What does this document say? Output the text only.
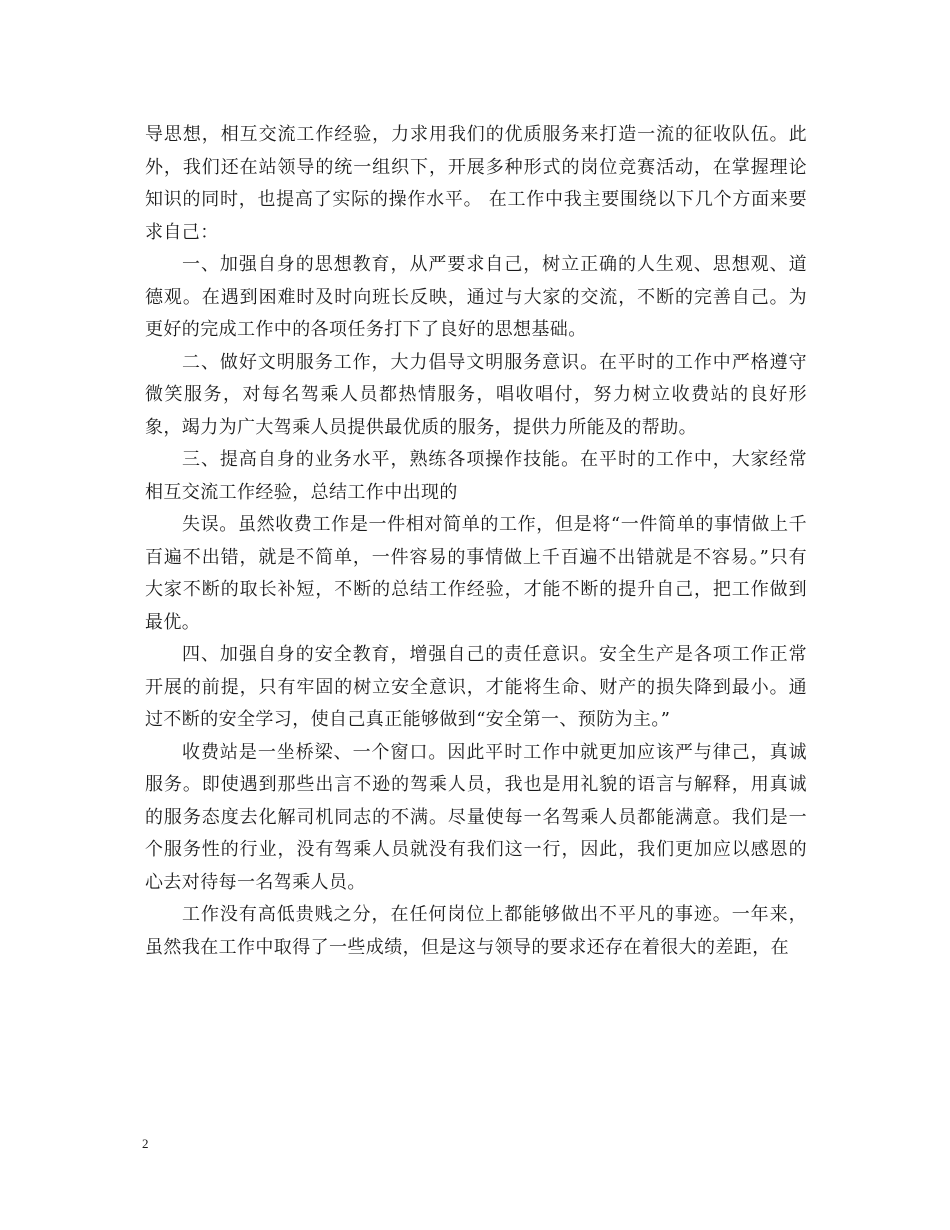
导思想，相互交流工作经验，力求用我们的优质服务来打造一流的征收队伍。此外，我们还在站领导的统一组织下，开展多种形式的岗位竞赛活动，在掌握理论知识的同时，也提高了实际的操作水平。 在工作中我主要围绕以下几个方面来要求自己：

一、加强自身的思想教育，从严要求自己，树立正确的人生观、思想观、道德观。在遇到困难时及时向班长反映，通过与大家的交流，不断的完善自己。为更好的完成工作中的各项任务打下了良好的思想基础。

二、做好文明服务工作，大力倡导文明服务意识。在平时的工作中严格遵守微笑服务，对每名驾乘人员都热情服务，唱收唱付，努力树立收费站的良好形象，竭力为广大驾乘人员提供最优质的服务，提供力所能及的帮助。

三、提高自身的业务水平，熟练各项操作技能。在平时的工作中，大家经常相互交流工作经验，总结工作中出现的

失误。虽然收费工作是一件相对简单的工作，但是将“一件简单的事情做上千百遍不出错，就是不简单，一件容易的事情做上千百遍不出错就是不容易。”只有大家不断的取长补短，不断的总结工作经验，才能不断的提升自己，把工作做到最优。

四、加强自身的安全教育，增强自己的责任意识。安全生产是各项工作正常开展的前提，只有牢固的树立安全意识，才能将生命、财产的损失降到最小。通过不断的安全学习，使自己真正能够做到“安全第一、预防为主。”

收费站是一坐桥梁、一个窗口。因此平时工作中就更加应该严与律己，真诚服务。即使遇到那些出言不逊的驾乘人员，我也是用礼貌的语言与解释，用真诚的服务态度去化解司机同志的不满。尽量使每一名驾乘人员都能满意。我们是一个服务性的行业，没有驾乘人员就没有我们这一行，因此，我们更加应以感恩的心去对待每一名驾乘人员。

工作没有高低贵贱之分，在任何岗位上都能够做出不平凡的事迹。一年来，虽然我在工作中取得了一些成绩，但是这与领导的要求还存在着很大的差距，在

2
